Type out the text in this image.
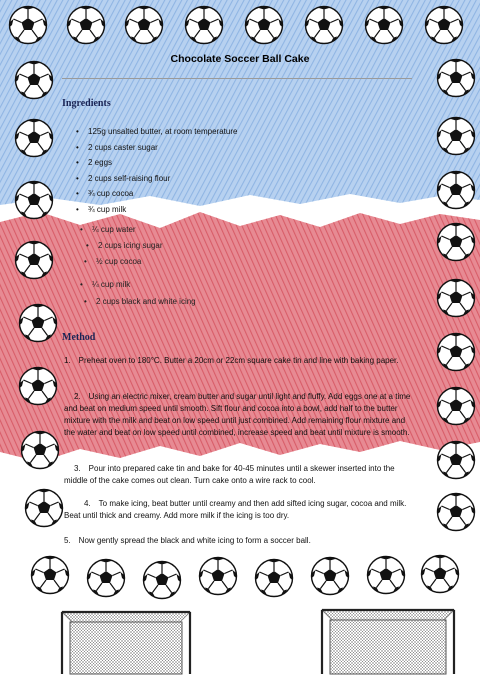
Chocolate Soccer Ball Cake
Ingredients
• 125g unsalted butter, at room temperature
• 2 cups caster sugar
• 2 eggs
• 2 cups self-raising flour
• ¾ cup cocoa
• ¾ cup milk
• ¼ cup water
• 2 cups icing sugar
• ½ cup cocoa
• ¼ cup milk
• 2 cups black and white icing
Method
1. Preheat oven to 180°C. Butter a 20cm or 22cm square cake tin and line with baking paper.
2. Using an electric mixer, cream butter and sugar until light and fluffy. Add eggs one at a time and beat on medium speed until smooth. Sift flour and cocoa into a bowl, add half to the butter mixture with the milk and beat on low speed until just combined. Add remaining flour mixture and the water and beat on low speed until combined, increase speed and beat until mixture is smooth.
3. Pour into prepared cake tin and bake for 40-45 minutes until a skewer inserted into the middle of the cake comes out clean. Turn cake onto a wire rack to cool.
4. To make icing, beat butter until creamy and then add sifted icing sugar, cocoa and milk. Beat until thick and creamy. Add more milk if the icing is too dry.
5. Now gently spread the black and white icing to form a soccer ball.
